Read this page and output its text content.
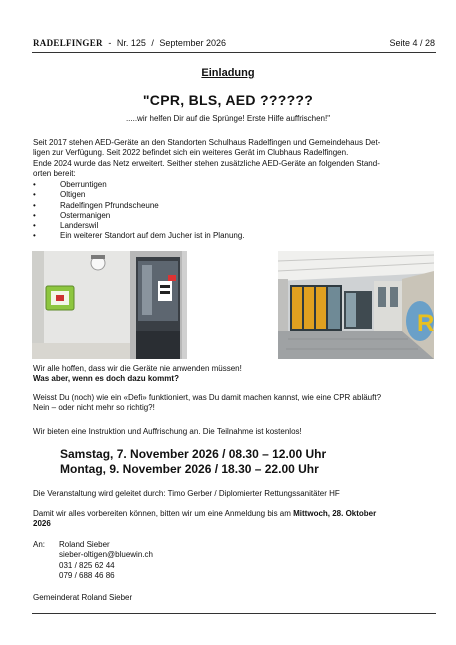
RADELFINGER - Nr. 125 / September 2026	Seite 4 / 28
Einladung
"CPR, BLS, AED ??????
.....wir helfen Dir auf die Sprünge! Erste Hilfe auffrischen!"
Seit 2017 stehen AED-Geräte an den Standorten Schulhaus Radelfingen und Gemeindehaus Det-
ligen zur Verfügung. Seit 2022 befindet sich ein weiteres Gerät im Clubhaus Radelfingen.
Ende 2024 wurde das Netz erweitert. Seither stehen zusätzliche AED-Geräte an folgenden Stand-
orten bereit:
• Oberruntigen
• Oltigen
• Radelfingen Pfrundscheune
• Ostermanigen
• Landerswil
• Ein weiterer Standort auf dem Jucher ist in Planung.
R
Wir alle hoffen, dass wir die Geräte nie anwenden müssen!
Was aber, wenn es doch dazu kommt?
Weisst Du (noch) wie ein «Defi» funktioniert, was Du damit machen kannst, wie eine CPR abläuft?
Nein – oder nicht mehr so richtig?!
Wir bieten eine Instruktion und Auffrischung an. Die Teilnahme ist kostenlos!
Samstag, 7. November 2026 / 08.30 – 12.00 Uhr
Montag, 9. November 2026 / 18.30 – 22.00 Uhr
Die Veranstaltung wird geleitet durch: Timo Gerber / Diplomierter Rettungssanitäter HF
Damit wir alles vorbereiten können, bitten wir um eine Anmeldung bis am Mittwoch, 28. Oktober
2026
An: Roland Sieber
sieber-oltigen@bluewin.ch
031 / 825 62 44
079 / 688 46 86
Gemeinderat Roland Sieber
